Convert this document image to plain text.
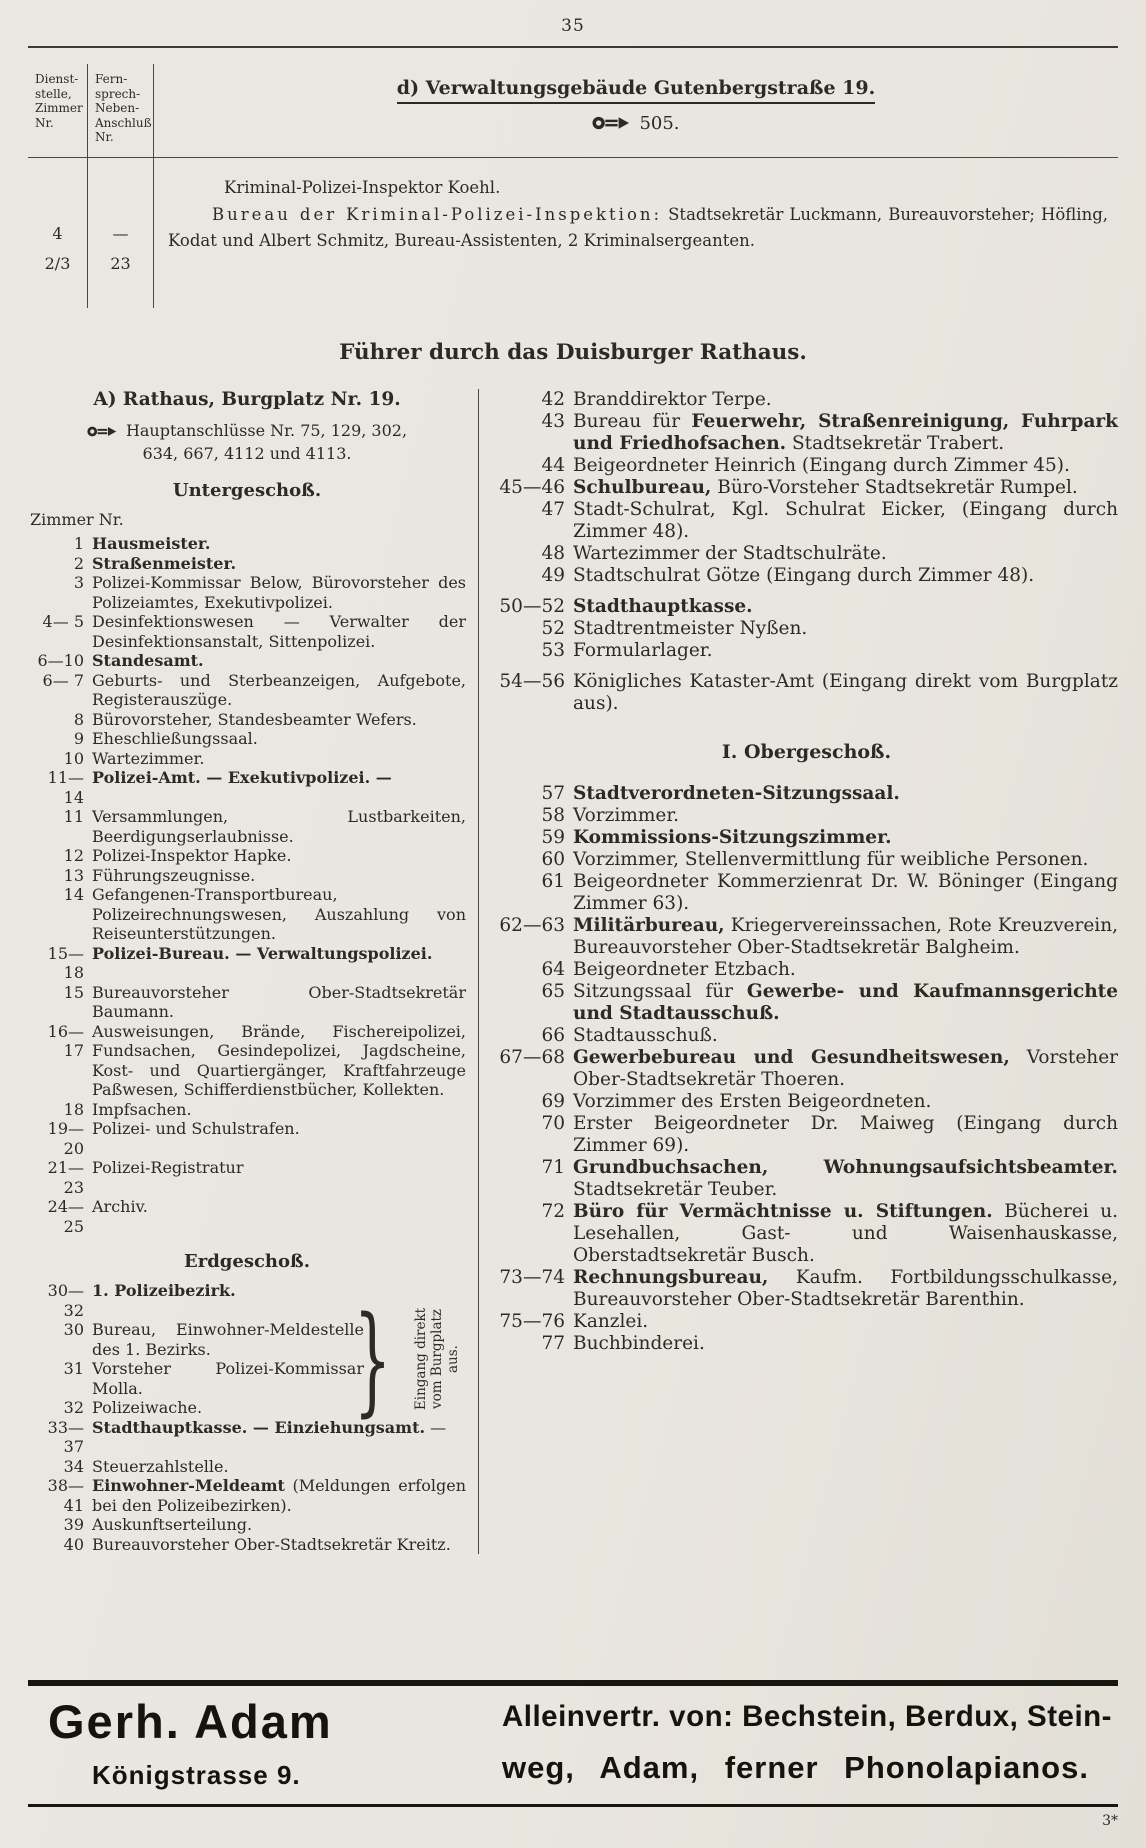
35
Dienst-
stelle,
Zimmer
Nr.
Fern-
sprech-
Neben-
Anschluß
Nr.
d) Verwaltungsgebäude Gutenbergstraße 19.
505.
4
2/3
—
23
Kriminal-Polizei-Inspektor Koehl.
Bureau der Kriminal-Polizei-Inspektion: Stadtsekretär Luckmann, Bureauvorsteher; Höfling, Kodat und Albert Schmitz, Bureau-Assistenten, 2 Kriminalsergeanten.
Führer durch das Duisburger Rathaus.
A) Rathaus, Burgplatz Nr. 19.
Hauptanschlüsse Nr. 75, 129, 302,
634, 667, 4112 und 4113.
Untergeschoß.
Zimmer Nr.
1 Hausmeister.
2 Straßenmeister.
3 Polizei-Kommissar Below, Bürovorsteher des Polizeiamtes, Exekutivpolizei.
4— 5 Desinfektionswesen — Verwalter der Desinfektionsanstalt, Sittenpolizei.
6—10 Standesamt.
6— 7 Geburts- und Sterbeanzeigen, Aufgebote, Registerauszüge.
8 Bürovorsteher, Standesbeamter Wefers.
9 Eheschließungssaal.
10 Wartezimmer.
11—14
Polizei-Amt. — Exekutivpolizei. —
11 Versammlungen, Lustbarkeiten, Beerdigungserlaubnisse.
12 Polizei-Inspektor Hapke.
13 Führungszeugnisse.
14 Gefangenen-Transportbureau, Polizeirechnungswesen, Auszahlung von Reiseunterstützungen.
15—18
Polizei-Bureau. — Verwaltungspolizei.
15 Bureauvorsteher Ober-Stadtsekretär Baumann.
16—17
Ausweisungen, Brände, Fischereipolizei, Fundsachen, Gesindepolizei, Jagdscheine, Kost- und Quartiergänger, Kraftfahrzeuge Paßwesen, Schifferdienstbücher, Kollekten.
18 Impfsachen.
19—20
Polizei- und Schulstrafen.
21—23
Polizei-Registratur
24—25
Archiv.
Erdgeschoß.
30—32
1. Polizeibezirk.
30 Bureau, Einwohner-Meldestelle des 1. Bezirks.
31 Vorsteher Polizei-Kommissar Molla.
32 Polizeiwache.
33—37
Stadthauptkasse. — Einziehungsamt. —
34 Steuerzahlstelle.
38—41
Einwohner-Meldeamt (Meldungen erfolgen bei den Polizeibezirken).
39 Auskunftserteilung.
40 Bureauvorsteher Ober-Stadtsekretär Kreitz.
} Eingang direkt vom Burgplatz aus.
42 Branddirektor Terpe.
43 Bureau für Feuerwehr, Straßenreinigung, Fuhrpark und Friedhofsachen. Stadtsekretär Trabert.
44 Beigeordneter Heinrich (Eingang durch Zimmer 45).
45—46 Schulbureau, Büro-Vorsteher Stadtsekretär Rumpel.
47 Stadt-Schulrat, Kgl. Schulrat Eicker, (Eingang durch Zimmer 48).
48 Wartezimmer der Stadtschulräte.
49 Stadtschulrat Götze (Eingang durch Zimmer 48).
50—52 Stadthauptkasse.
52 Stadtrentmeister Nyßen.
53 Formularlager.
54—56 Königliches Kataster-Amt (Eingang direkt vom Burgplatz aus).
I. Obergeschoß.
57 Stadtverordneten-Sitzungssaal.
58 Vorzimmer.
59 Kommissions-Sitzungszimmer.
60 Vorzimmer, Stellenvermittlung für weibliche Personen.
61 Beigeordneter Kommerzienrat Dr. W. Böninger (Eingang Zimmer 63).
62—63 Militärbureau, Kriegervereinssachen, Rote Kreuzverein, Bureauvorsteher Ober-Stadtsekretär Balgheim.
64 Beigeordneter Etzbach.
65 Sitzungssaal für Gewerbe- und Kaufmannsgerichte und Stadtausschuß.
66 Stadtausschuß.
67—68 Gewerbebureau und Gesundheitswesen, Vorsteher Ober-Stadtsekretär Thoeren.
69 Vorzimmer des Ersten Beigeordneten.
70 Erster Beigeordneter Dr. Maiweg (Eingang durch Zimmer 69).
71 Grundbuchsachen, Wohnungsaufsichtsbeamter. Stadtsekretär Teuber.
72 Büro für Vermächtnisse u. Stiftungen. Bücherei u. Lesehallen, Gast- und Waisenhauskasse, Oberstadtsekretär Busch.
73—74 Rechnungsbureau, Kaufm. Fortbildungsschulkasse, Bureauvorsteher Ober-Stadtsekretär Barenthin.
75—76 Kanzlei.
77 Buchbinderei.
Gerh. Adam
Königstrasse 9.
Alleinvertr. von: Bechstein, Berdux, Stein-
weg, Adam, ferner Phonolapianos.
3*
